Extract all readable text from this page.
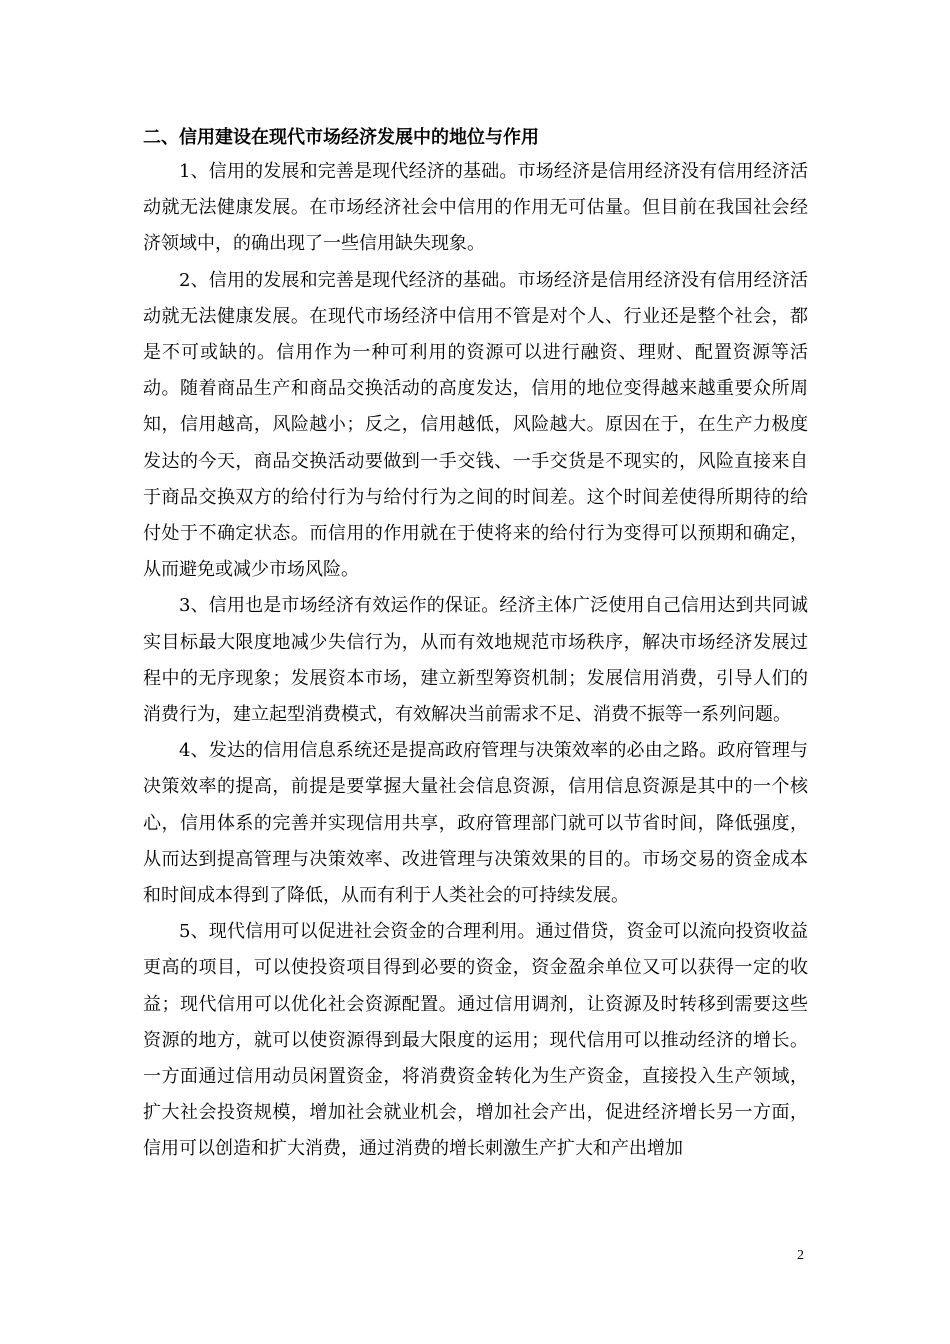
二、信用建设在现代市场经济发展中的地位与作用

1、信用的发展和完善是现代经济的基础。市场经济是信用经济没有信用经济活动就无法健康发展。在市场经济社会中信用的作用无可估量。但目前在我国社会经济领域中，的确出现了一些信用缺失现象。

2、信用的发展和完善是现代经济的基础。市场经济是信用经济没有信用经济活动就无法健康发展。在现代市场经济中信用不管是对个人、行业还是整个社会，都是不可或缺的。信用作为一种可利用的资源可以进行融资、理财、配置资源等活动。随着商品生产和商品交换活动的高度发达，信用的地位变得越来越重要众所周知，信用越高，风险越小；反之，信用越低，风险越大。原因在于，在生产力极度发达的今天，商品交换活动要做到一手交钱、一手交货是不现实的，风险直接来自于商品交换双方的给付行为与给付行为之间的时间差。这个时间差使得所期待的给付处于不确定状态。而信用的作用就在于使将来的给付行为变得可以预期和确定，从而避免或减少市场风险。

3、信用也是市场经济有效运作的保证。经济主体广泛使用自己信用达到共同诚实目标最大限度地减少失信行为，从而有效地规范市场秩序，解决市场经济发展过程中的无序现象；发展资本市场，建立新型筹资机制；发展信用消费，引导人们的消费行为，建立起型消费模式，有效解决当前需求不足、消费不振等一系列问题。

4、发达的信用信息系统还是提高政府管理与决策效率的必由之路。政府管理与决策效率的提高，前提是要掌握大量社会信息资源，信用信息资源是其中的一个核心，信用体系的完善并实现信用共享，政府管理部门就可以节省时间，降低强度，从而达到提高管理与决策效率、改进管理与决策效果的目的。市场交易的资金成本和时间成本得到了降低，从而有利于人类社会的可持续发展。

5、现代信用可以促进社会资金的合理利用。通过借贷，资金可以流向投资收益更高的项目，可以使投资项目得到必要的资金，资金盈余单位又可以获得一定的收益；现代信用可以优化社会资源配置。通过信用调剂，让资源及时转移到需要这些资源的地方，就可以使资源得到最大限度的运用；现代信用可以推动经济的增长。一方面通过信用动员闲置资金，将消费资金转化为生产资金，直接投入生产领域，扩大社会投资规模，增加社会就业机会，增加社会产出，促进经济增长另一方面，信用可以创造和扩大消费，通过消费的增长刺激生产扩大和产出增加

2
